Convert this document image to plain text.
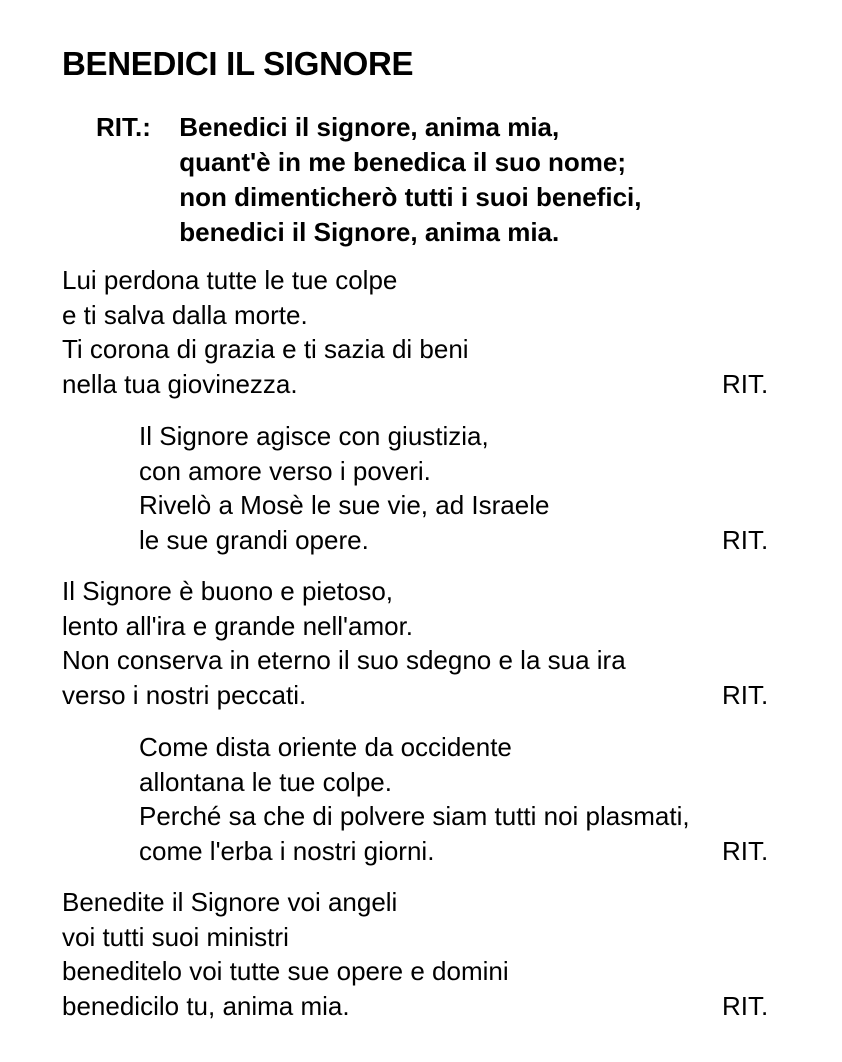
BENEDICI IL SIGNORE
RIT.: Benedici il signore, anima mia,
quant'è in me benedica il suo nome;
non dimenticherò tutti i suoi benefici,
benedici il Signore, anima mia.
Lui perdona tutte le tue colpe
e ti salva dalla morte.
Ti corona di grazia e ti sazia di beni
nella tua giovinezza.	RIT.
Il Signore agisce con giustizia,
con amore verso i poveri.
Rivelò a Mosè le sue vie, ad Israele
le sue grandi opere.	RIT.
Il Signore è buono e pietoso,
lento all'ira e grande nell'amor.
Non conserva in eterno il suo sdegno e la sua ira
verso i nostri peccati.	RIT.
Come dista oriente da occidente
allontana le tue colpe.
Perché sa che di polvere siam tutti noi plasmati,
come l'erba i nostri giorni.	RIT.
Benedite il Signore voi angeli
voi tutti suoi ministri
beneditelo voi tutte sue opere e domini
benedicilo tu, anima mia.	RIT.
